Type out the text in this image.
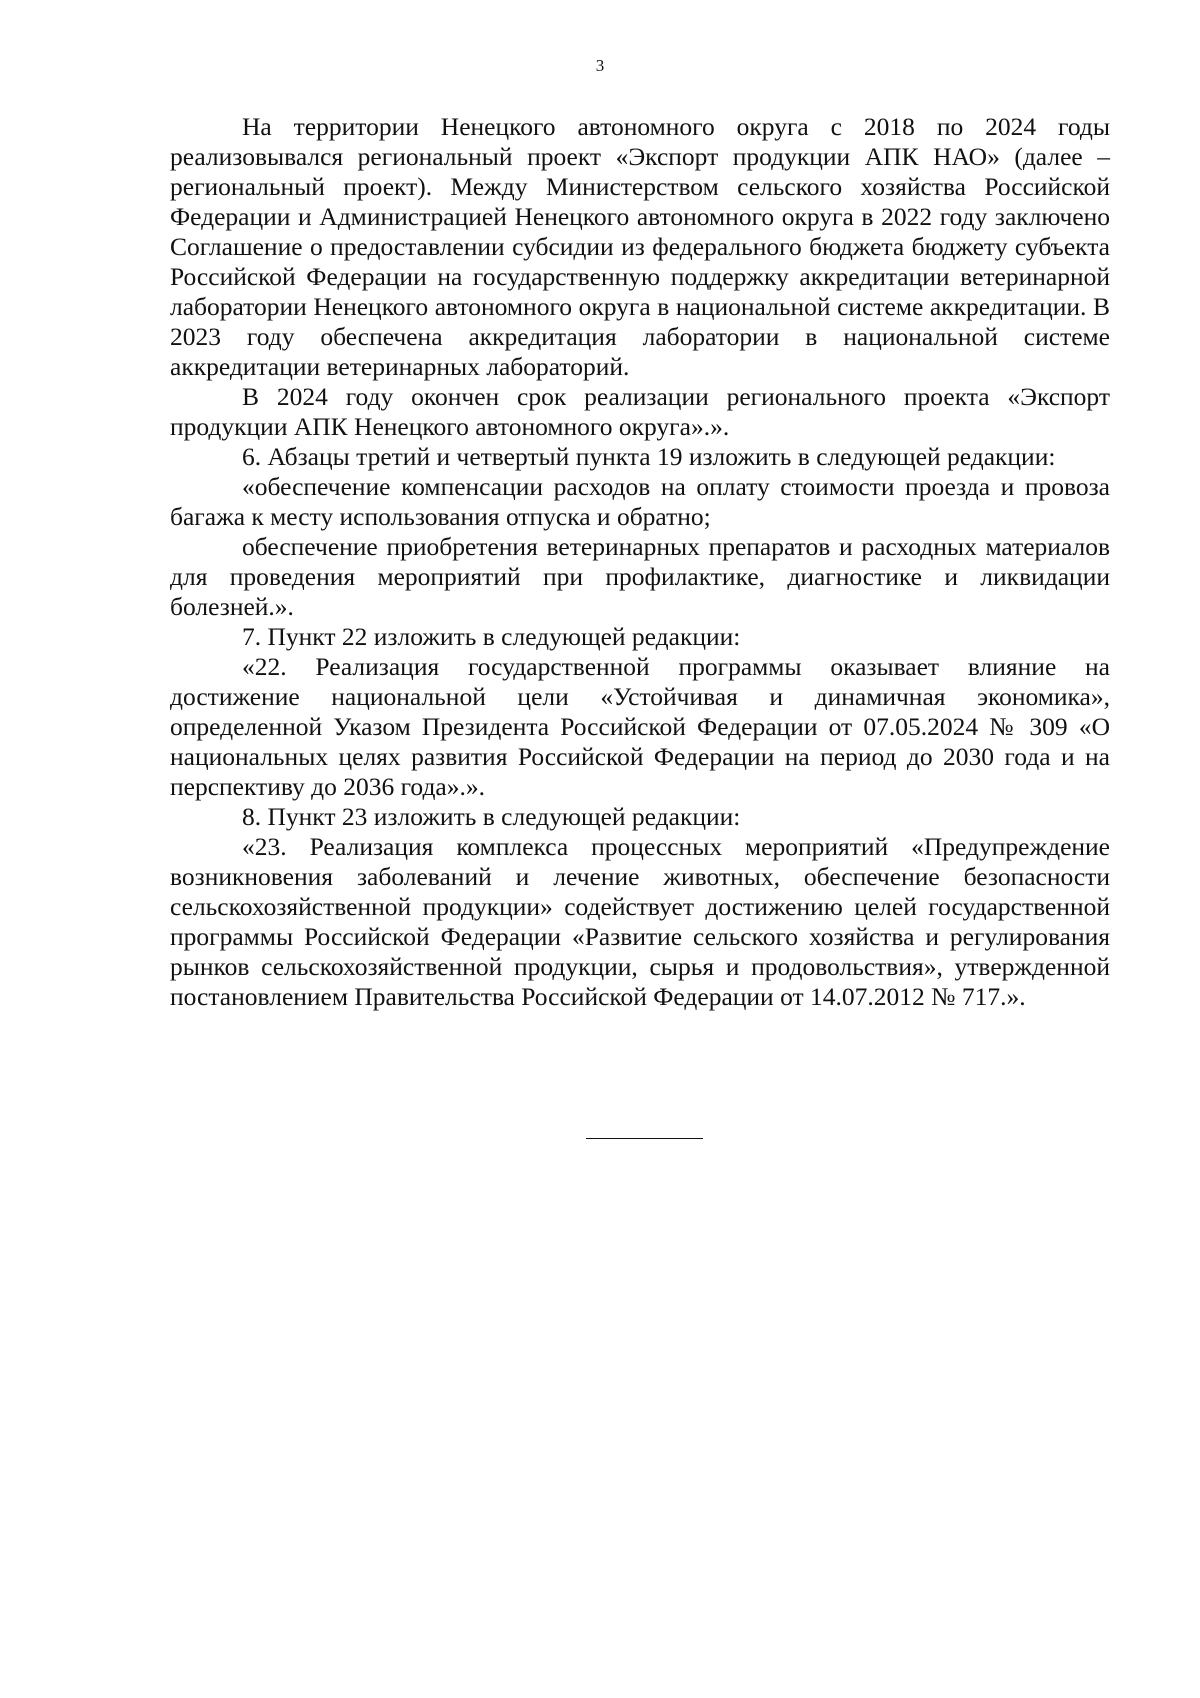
3

На территории Ненецкого автономного округа с 2018 по 2024 годы реализовывался региональный проект «Экспорт продукции АПК НАО» (далее – региональный проект). Между Министерством сельского хозяйства Российской Федерации и Администрацией Ненецкого автономного округа в 2022 году заключено Соглашение о предоставлении субсидии из федерального бюджета бюджету субъекта Российской Федерации на государственную поддержку аккредитации ветеринарной лаборатории Ненецкого автономного округа в национальной системе аккредитации. В 2023 году обеспечена аккредитация лаборатории в национальной системе аккредитации ветеринарных лабораторий.

В 2024 году окончен срок реализации регионального проекта «Экспорт продукции АПК Ненецкого автономного округа».».

6. Абзацы третий и четвертый пункта 19 изложить в следующей редакции:

«обеспечение компенсации расходов на оплату стоимости проезда и провоза багажа к месту использования отпуска и обратно;

обеспечение приобретения ветеринарных препаратов и расходных материалов для проведения мероприятий при профилактике, диагностике и ликвидации болезней.».

7. Пункт 22 изложить в следующей редакции:

«22. Реализация государственной программы оказывает влияние на достижение национальной цели «Устойчивая и динамичная экономика», определенной Указом Президента Российской Федерации от 07.05.2024 № 309 «О национальных целях развития Российской Федерации на период до 2030 года и на перспективу до 2036 года».».

8. Пункт 23 изложить в следующей редакции:

«23. Реализация комплекса процессных мероприятий «Предупреждение возникновения заболеваний и лечение животных, обеспечение безопасности сельскохозяйственной продукции» содействует достижению целей государственной программы Российской Федерации «Развитие сельского хозяйства и регулирования рынков сельскохозяйственной продукции, сырья и продовольствия», утвержденной постановлением Правительства Российской Федерации от 14.07.2012 № 717.».
